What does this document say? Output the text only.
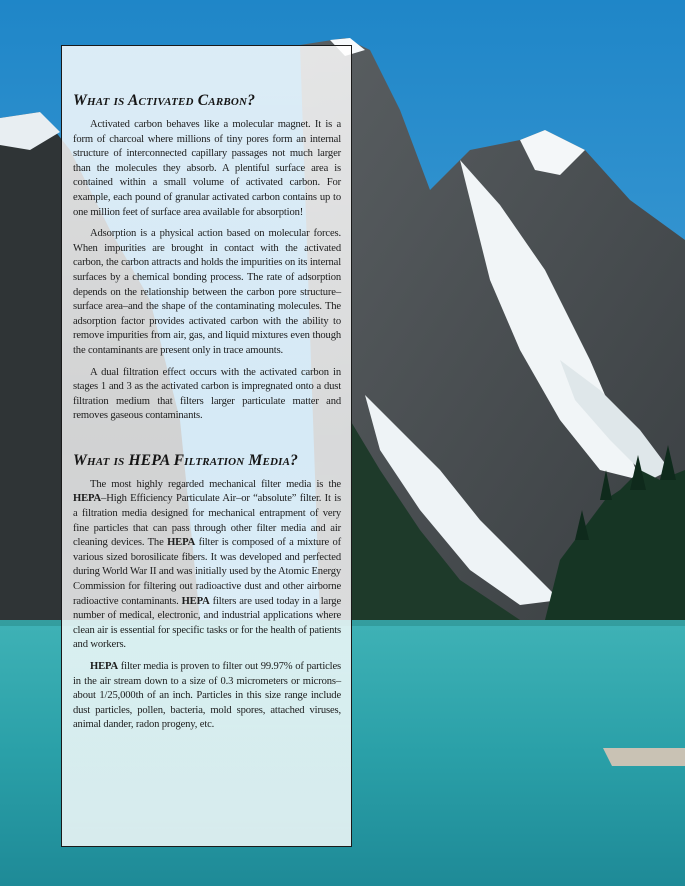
What is Activated Carbon?

Activated carbon behaves like a molecular magnet. It is a form of charcoal where millions of tiny pores form an internal structure of interconnected capillary passages not much larger than the molecules they absorb. A plentiful surface area is contained within a small volume of activated carbon. For example, each pound of granular activated carbon contains up to one million feet of surface area available for absorption!

Adsorption is a physical action based on molecular forces. When impurities are brought in contact with the activated carbon, the carbon attracts and holds the impurities on its internal surfaces by a chemical bonding process. The rate of adsorption depends on the relationship between the carbon pore structure–surface area–and the shape of the contaminating molecules. The adsorption factor provides activated carbon with the ability to remove impurities from air, gas, and liquid mixtures even though the contaminants are present only in trace amounts.

A dual filtration effect occurs with the activated carbon in stages 1 and 3 as the activated carbon is impregnated onto a dust filtration medium that filters larger particulate matter and removes gaseous contaminants.

What is HEPA Filtration Media?

The most highly regarded mechanical filter media is the HEPA–High Efficiency Particulate Air–or “absolute” filter. It is a filtration media designed for mechanical entrapment of very fine particles that can pass through other filter media and air cleaning devices. The HEPA filter is composed of a mixture of various sized borosilicate fibers. It was developed and perfected during World War II and was initially used by the Atomic Energy Commission for filtering out radioactive dust and other airborne radioactive contaminants. HEPA filters are used today in a large number of medical, electronic, and industrial applications where clean air is essential for specific tasks or for the health of patients and workers.

HEPA filter media is proven to filter out 99.97% of particles in the air stream down to a size of 0.3 micrometers or microns–about 1/25,000th of an inch. Particles in this size range include dust particles, pollen, bacteria, mold spores, attached viruses, animal dander, radon progeny, etc.
